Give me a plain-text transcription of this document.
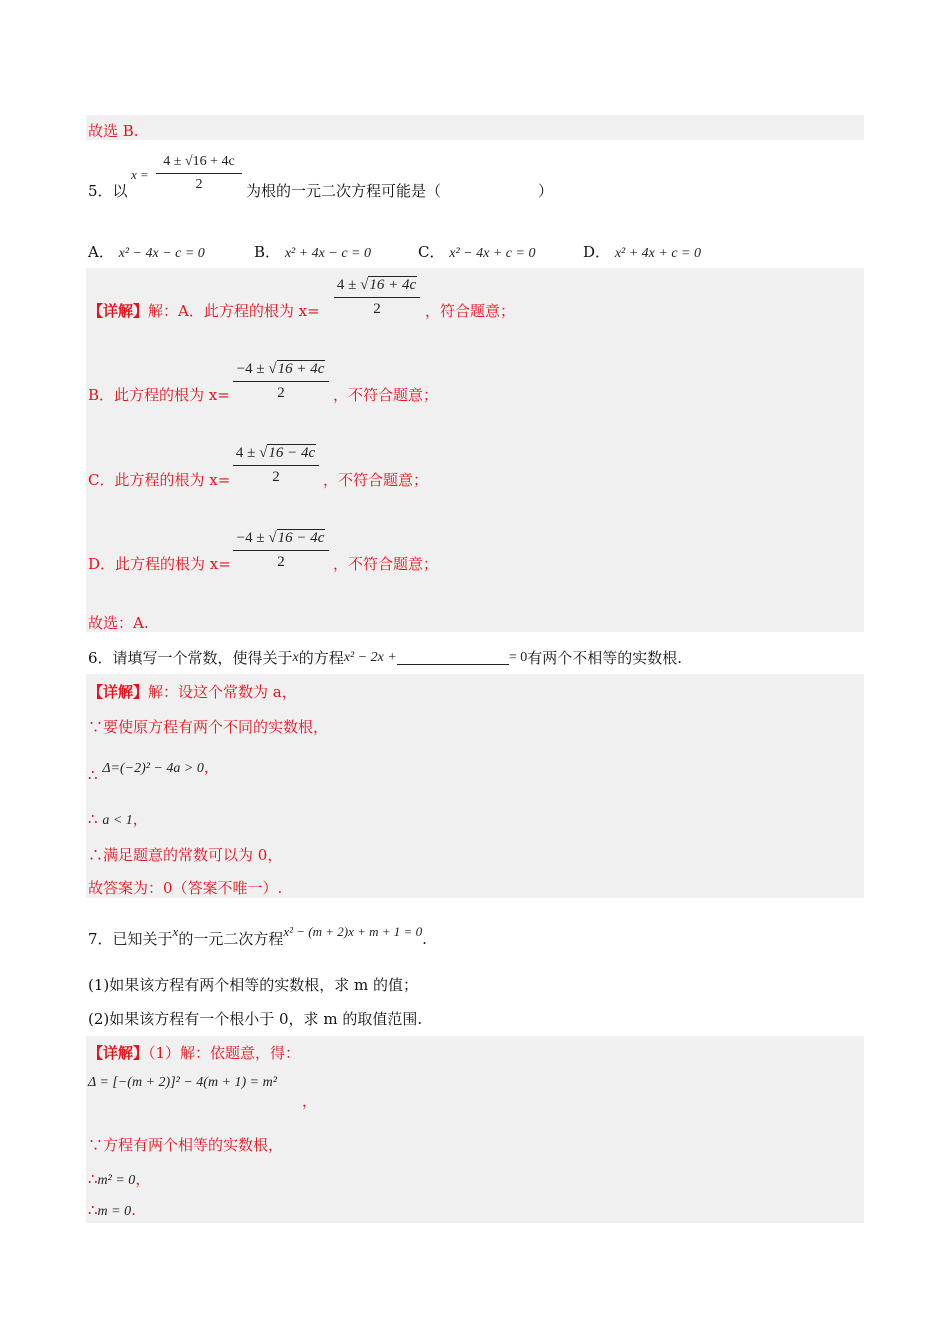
故选 B.
5．以
x =
4 ± √16 + 4c
2	为根的一元二次方程可能是（	）
A． x² − 4x − c = 0	B． x² + 4x − c = 0	C． x² − 4x + c = 0	D． x² + 4x + c = 0
【详解】解：A．此方程的根为 x=
4 ± √16 + 4c
2	，符合题意；
B．此方程的根为 x=
−4 ± √16 + 4c
2	，不符合题意；
C．此方程的根为 x=
4 ± √16 − 4c
2	，不符合题意；
D．此方程的根为 x=
−4 ± √16 − 4c
2	，不符合题意；
故选：A.
6．请填写一个常数，使得关于x的方程x² − 2x +	= 0有两个不相等的实数根.
【详解】解：设这个常数为 a，
∵要使原方程有两个不同的实数根，
∴ Δ=(−2)² − 4a > 0，
∴ a < 1，
∴满足题意的常数可以为 0，
故答案为：0（答案不唯一）.
7．已知关于x的一元二次方程x² − (m + 2)x + m + 1 = 0.
(1)如果该方程有两个相等的实数根，求 m 的值；
(2)如果该方程有一个根小于 0，求 m 的取值范围.
【详解】（1）解：依题意，得：
Δ = [−(m + 2)]² − 4(m + 1) = m²
，
∵方程有两个相等的实数根，
∴m² = 0，
∴m = 0.
